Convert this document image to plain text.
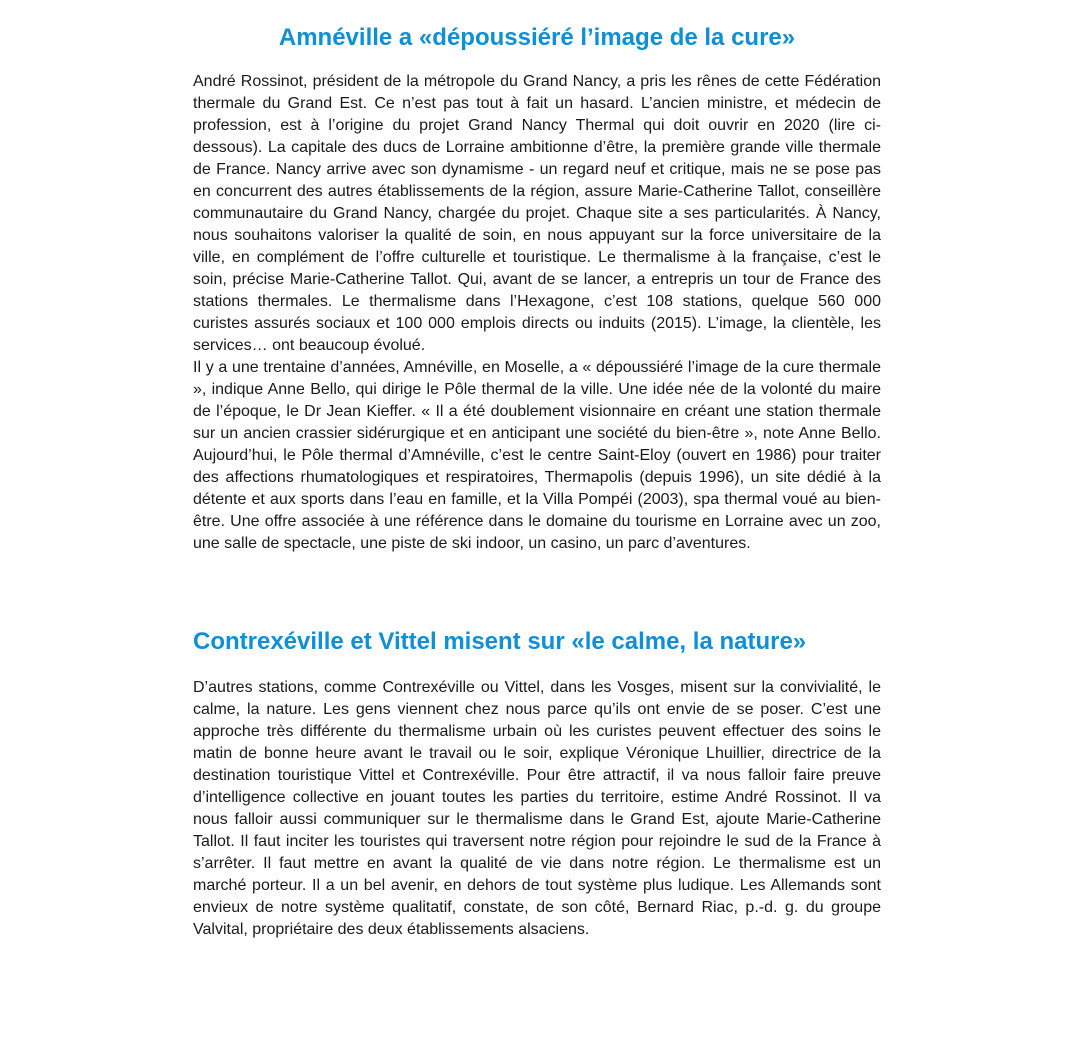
Amnéville a «dépoussiéré l’image de la cure»

André Rossinot, président de la métropole du Grand Nancy, a pris les rênes de cette Fédération thermale du Grand Est. Ce n’est pas tout à fait un hasard. L’ancien ministre, et médecin de profession, est à l’origine du projet Grand Nancy Thermal qui doit ouvrir en 2020 (lire ci-dessous). La capitale des ducs de Lorraine ambitionne d’être, la première grande ville thermale de France. Nancy arrive avec son dynamisme - un regard neuf et critique, mais ne se pose pas en concurrent des autres établissements de la région, assure Marie-Catherine Tallot, conseillère communautaire du Grand Nancy, chargée du projet. Chaque site a ses particularités. À Nancy, nous souhaitons valoriser la qualité de soin, en nous appuyant sur la force universitaire de la ville, en complément de l’offre culturelle et touristique. Le thermalisme à la française, c’est le soin, précise Marie-Catherine Tallot. Qui, avant de se lancer, a entrepris un tour de France des stations thermales. Le thermalisme dans l’Hexagone, c’est 108 stations, quelque 560 000 curistes assurés sociaux et 100 000 emplois directs ou induits (2015). L’image, la clientèle, les services… ont beaucoup évolué.

Il y a une trentaine d’années, Amnéville, en Moselle, a « dépoussiéré l’image de la cure thermale », indique Anne Bello, qui dirige le Pôle thermal de la ville. Une idée née de la volonté du maire de l’époque, le Dr Jean Kieffer. « Il a été doublement visionnaire en créant une station thermale sur un ancien crassier sidérurgique et en anticipant une société du bien-être », note Anne Bello. Aujourd’hui, le Pôle thermal d’Amnéville, c’est le centre Saint-Eloy (ouvert en 1986) pour traiter des affections rhumatologiques et respiratoires, Thermapolis (depuis 1996), un site dédié à la détente et aux sports dans l’eau en famille, et la Villa Pompéi (2003), spa thermal voué au bien-être. Une offre associée à une référence dans le domaine du tourisme en Lorraine avec un zoo, une salle de spectacle, une piste de ski indoor, un casino, un parc d’aventures.

Contrexéville et Vittel misent sur «le calme, la nature»

D’autres stations, comme Contrexéville ou Vittel, dans les Vosges, misent sur la convivialité, le calme, la nature. Les gens viennent chez nous parce qu’ils ont envie de se poser. C’est une approche très différente du thermalisme urbain où les curistes peuvent effectuer des soins le matin de bonne heure avant le travail ou le soir, explique Véronique Lhuillier, directrice de la destination touristique Vittel et Contrexéville. Pour être attractif, il va nous falloir faire preuve d’intelligence collective en jouant toutes les parties du territoire, estime André Rossinot. Il va nous falloir aussi communiquer sur le thermalisme dans le Grand Est, ajoute Marie-Catherine Tallot. Il faut inciter les touristes qui traversent notre région pour rejoindre le sud de la France à s’arrêter. Il faut mettre en avant la qualité de vie dans notre région. Le thermalisme est un marché porteur. Il a un bel avenir, en dehors de tout système plus ludique. Les Allemands sont envieux de notre système qualitatif, constate, de son côté, Bernard Riac, p.-d. g. du groupe Valvital, propriétaire des deux établissements alsaciens.
